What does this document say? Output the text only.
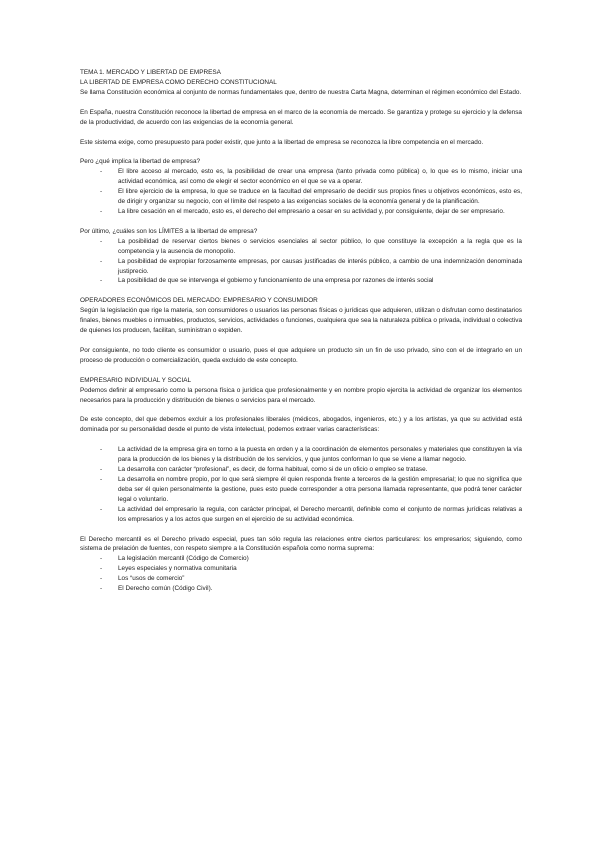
TEMA 1. MERCADO Y LIBERTAD DE EMPRESA

LA LIBERTAD DE EMPRESA COMO DERECHO CONSTITUCIONAL

Se llama Constitución económica al conjunto de normas fundamentales que, dentro de nuestra Carta Magna, determinan el régimen económico del Estado.

En España, nuestra Constitución reconoce la libertad de empresa en el marco de la economía de mercado. Se garantiza y protege su ejercicio y la defensa de la productividad, de acuerdo con las exigencias de la economía general.

Este sistema exige, como presupuesto para poder existir, que junto a la libertad de empresa se reconozca la libre competencia en el mercado.

Pero ¿qué implica la libertad de empresa?

- El libre acceso al mercado, esto es, la posibilidad de crear una empresa (tanto privada como pública) o, lo que es lo mismo, iniciar una actividad económica, así como de elegir el sector económico en el que se va a operar.
- El libre ejercicio de la empresa, lo que se traduce en la facultad del empresario de decidir sus propios fines u objetivos económicos, esto es, de dirigir y organizar su negocio, con el límite del respeto a las exigencias sociales de la economía general y de la planificación.
- La libre cesación en el mercado, esto es, el derecho del empresario a cesar en su actividad y, por consiguiente, dejar de ser empresario.

Por último, ¿cuáles son los LÍMITES a la libertad de empresa?

- La posibilidad de reservar ciertos bienes o servicios esenciales al sector público, lo que constituye la excepción a la regla que es la competencia y la ausencia de monopolio.
- La posibilidad de expropiar forzosamente empresas, por causas justificadas de interés público, a cambio de una indemnización denominada justiprecio.
- La posibilidad de que se intervenga el gobierno y funcionamiento de una empresa por razones de interés social

OPERADORES ECONÓMICOS DEL MERCADO: EMPRESARIO Y CONSUMIDOR

Según la legislación que rige la materia, son consumidores o usuarios las personas físicas o jurídicas que adquieren, utilizan o disfrutan como destinatarios finales, bienes muebles o inmuebles, productos, servicios, actividades o funciones, cualquiera que sea la naturaleza pública o privada, individual o colectiva de quienes los producen, facilitan, suministran o expiden.

Por consiguiente, no todo cliente es consumidor o usuario, pues el que adquiere un producto sin un fin de uso privado, sino con el de integrarlo en un proceso de producción o comercialización, queda excluido de este concepto.

EMPRESARIO INDIVIDUAL Y SOCIAL

Podemos definir al empresario como la persona física o jurídica que profesionalmente y en nombre propio ejercita la actividad de organizar los elementos necesarios para la producción y distribución de bienes o servicios para el mercado.

De este concepto, del que debemos excluir a los profesionales liberales (médicos, abogados, ingenieros, etc.) y a los artistas, ya que su actividad está dominada por su personalidad desde el punto de vista intelectual, podemos extraer varias características:

- La actividad de la empresa gira en torno a la puesta en orden y a la coordinación de elementos personales y materiales que constituyen la vía para la producción de los bienes y la distribución de los servicios, y que juntos conforman lo que se viene a llamar negocio.
- La desarrolla con carácter “profesional”, es decir, de forma habitual, como si de un oficio o empleo se tratase.
- La desarrolla en nombre propio, por lo que será siempre él quien responda frente a terceros de la gestión empresarial; lo que no significa que deba ser él quien personalmente la gestione, pues esto puede corresponder a otra persona llamada representante, que podrá tener carácter legal o voluntario.
- La actividad del empresario la regula, con carácter principal, el Derecho mercantil, definible como el conjunto de normas jurídicas relativas a los empresarios y a los actos que surgen en el ejercicio de su actividad económica.

El Derecho mercantil es el Derecho privado especial, pues tan sólo regula las relaciones entre ciertos particulares: los empresarios; siguiendo, como sistema de prelación de fuentes, con respeto siempre a la Constitución española como norma suprema:

- La legislación mercantil (Código de Comercio)
- Leyes especiales y normativa comunitaria
- Los “usos de comercio”
- El Derecho común (Código Civil).
